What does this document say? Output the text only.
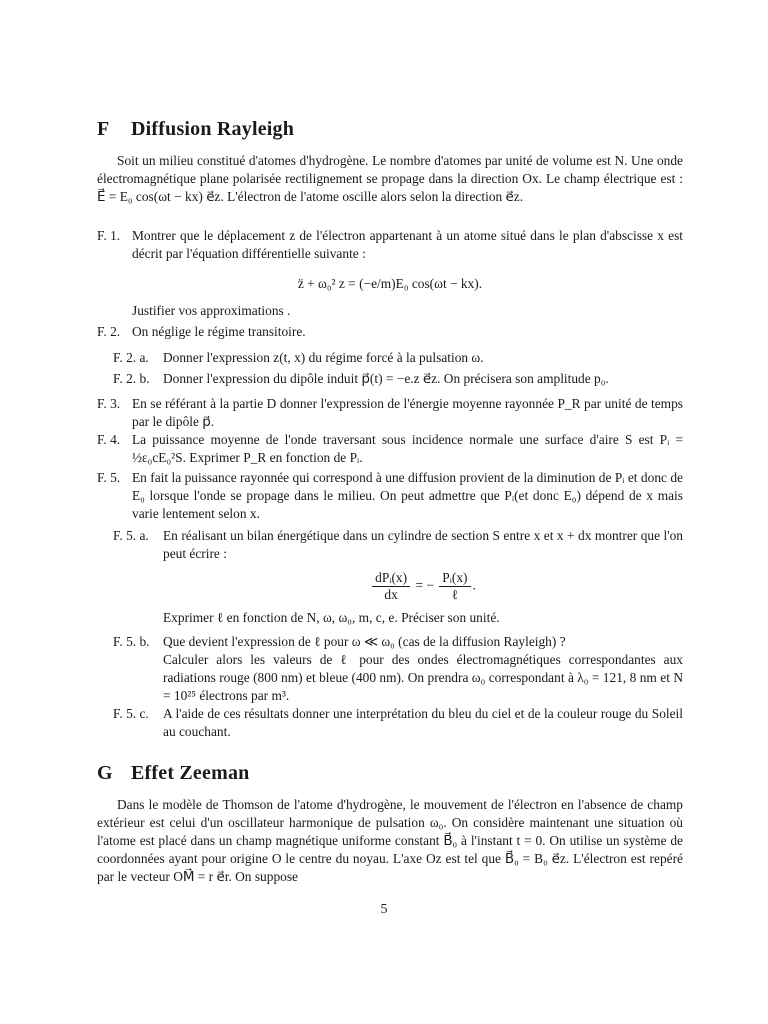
F Diffusion Rayleigh
Soit un milieu constitué d'atomes d'hydrogène. Le nombre d'atomes par unité de volume est N. Une onde électromagnétique plane polarisée rectilignement se propage dans la direction Ox. Le champ électrique est : E⃗ = E₀ cos(ωt − kx) e⃗z. L'électron de l'atome oscille alors selon la direction e⃗z.
F. 1. Montrer que le déplacement z de l'électron appartenant à un atome situé dans le plan d'abscisse x est décrit par l'équation différentielle suivante :
z̈ + ω₀² z = (−e/m)E₀ cos(ωt − kx).
Justifier vos approximations .
F. 2. On néglige le régime transitoire.
F. 2. a. Donner l'expression z(t, x) du régime forcé à la pulsation ω.
F. 2. b. Donner l'expression du dipôle induit p⃗(t) = −e.z e⃗z. On précisera son amplitude p₀.
F. 3. En se référant à la partie D donner l'expression de l'énergie moyenne rayonnée P_R par unité de temps par le dipôle p⃗.
F. 4. La puissance moyenne de l'onde traversant sous incidence normale une surface d'aire S est Pᵢ = ½ε₀cE₀²S. Exprimer P_R en fonction de Pᵢ.
F. 5. En fait la puissance rayonnée qui correspond à une diffusion provient de la diminution de Pᵢ et donc de E₀ lorsque l'onde se propage dans le milieu. On peut admettre que Pᵢ(et donc E₀) dépend de x mais varie lentement selon x.
F. 5. a. En réalisant un bilan énergétique dans un cylindre de section S entre x et x + dx montrer que l'on peut écrire :
$\frac{\text{dPᵢ(x)}}{dx}$ = − $\frac{\text{Pᵢ(x)}}{\text{ℓ}}$ .
Exprimer ℓ en fonction de N, ω, ω₀, m, c, e. Préciser son unité.
F. 5. b. Que devient l'expression de ℓ pour ω ≪ ω₀ (cas de la diffusion Rayleigh) ?
Calculer alors les valeurs de ℓ pour des ondes électromagnétiques correspondantes aux radiations rouge (800 nm) et bleue (400 nm). On prendra ω₀ correspondant à λ₀ = 121, 8 nm et N = 10²⁵ électrons par m³.
F. 5. c. A l'aide de ces résultats donner une interprétation du bleu du ciel et de la couleur rouge du Soleil au couchant.
G Effet Zeeman
Dans le modèle de Thomson de l'atome d'hydrogène, le mouvement de l'électron en l'absence de champ extérieur est celui d'un oscillateur harmonique de pulsation ω₀. On considère maintenant une situation où l'atome est placé dans un champ magnétique uniforme constant B⃗₀ à l'instant t = 0. On utilise un système de coordonnées ayant pour origine O le centre du noyau. L'axe Oz est tel que B⃗₀ = B₀ e⃗z. L'électron est repéré par le vecteur OM⃗ = r e⃗r. On suppose
5
